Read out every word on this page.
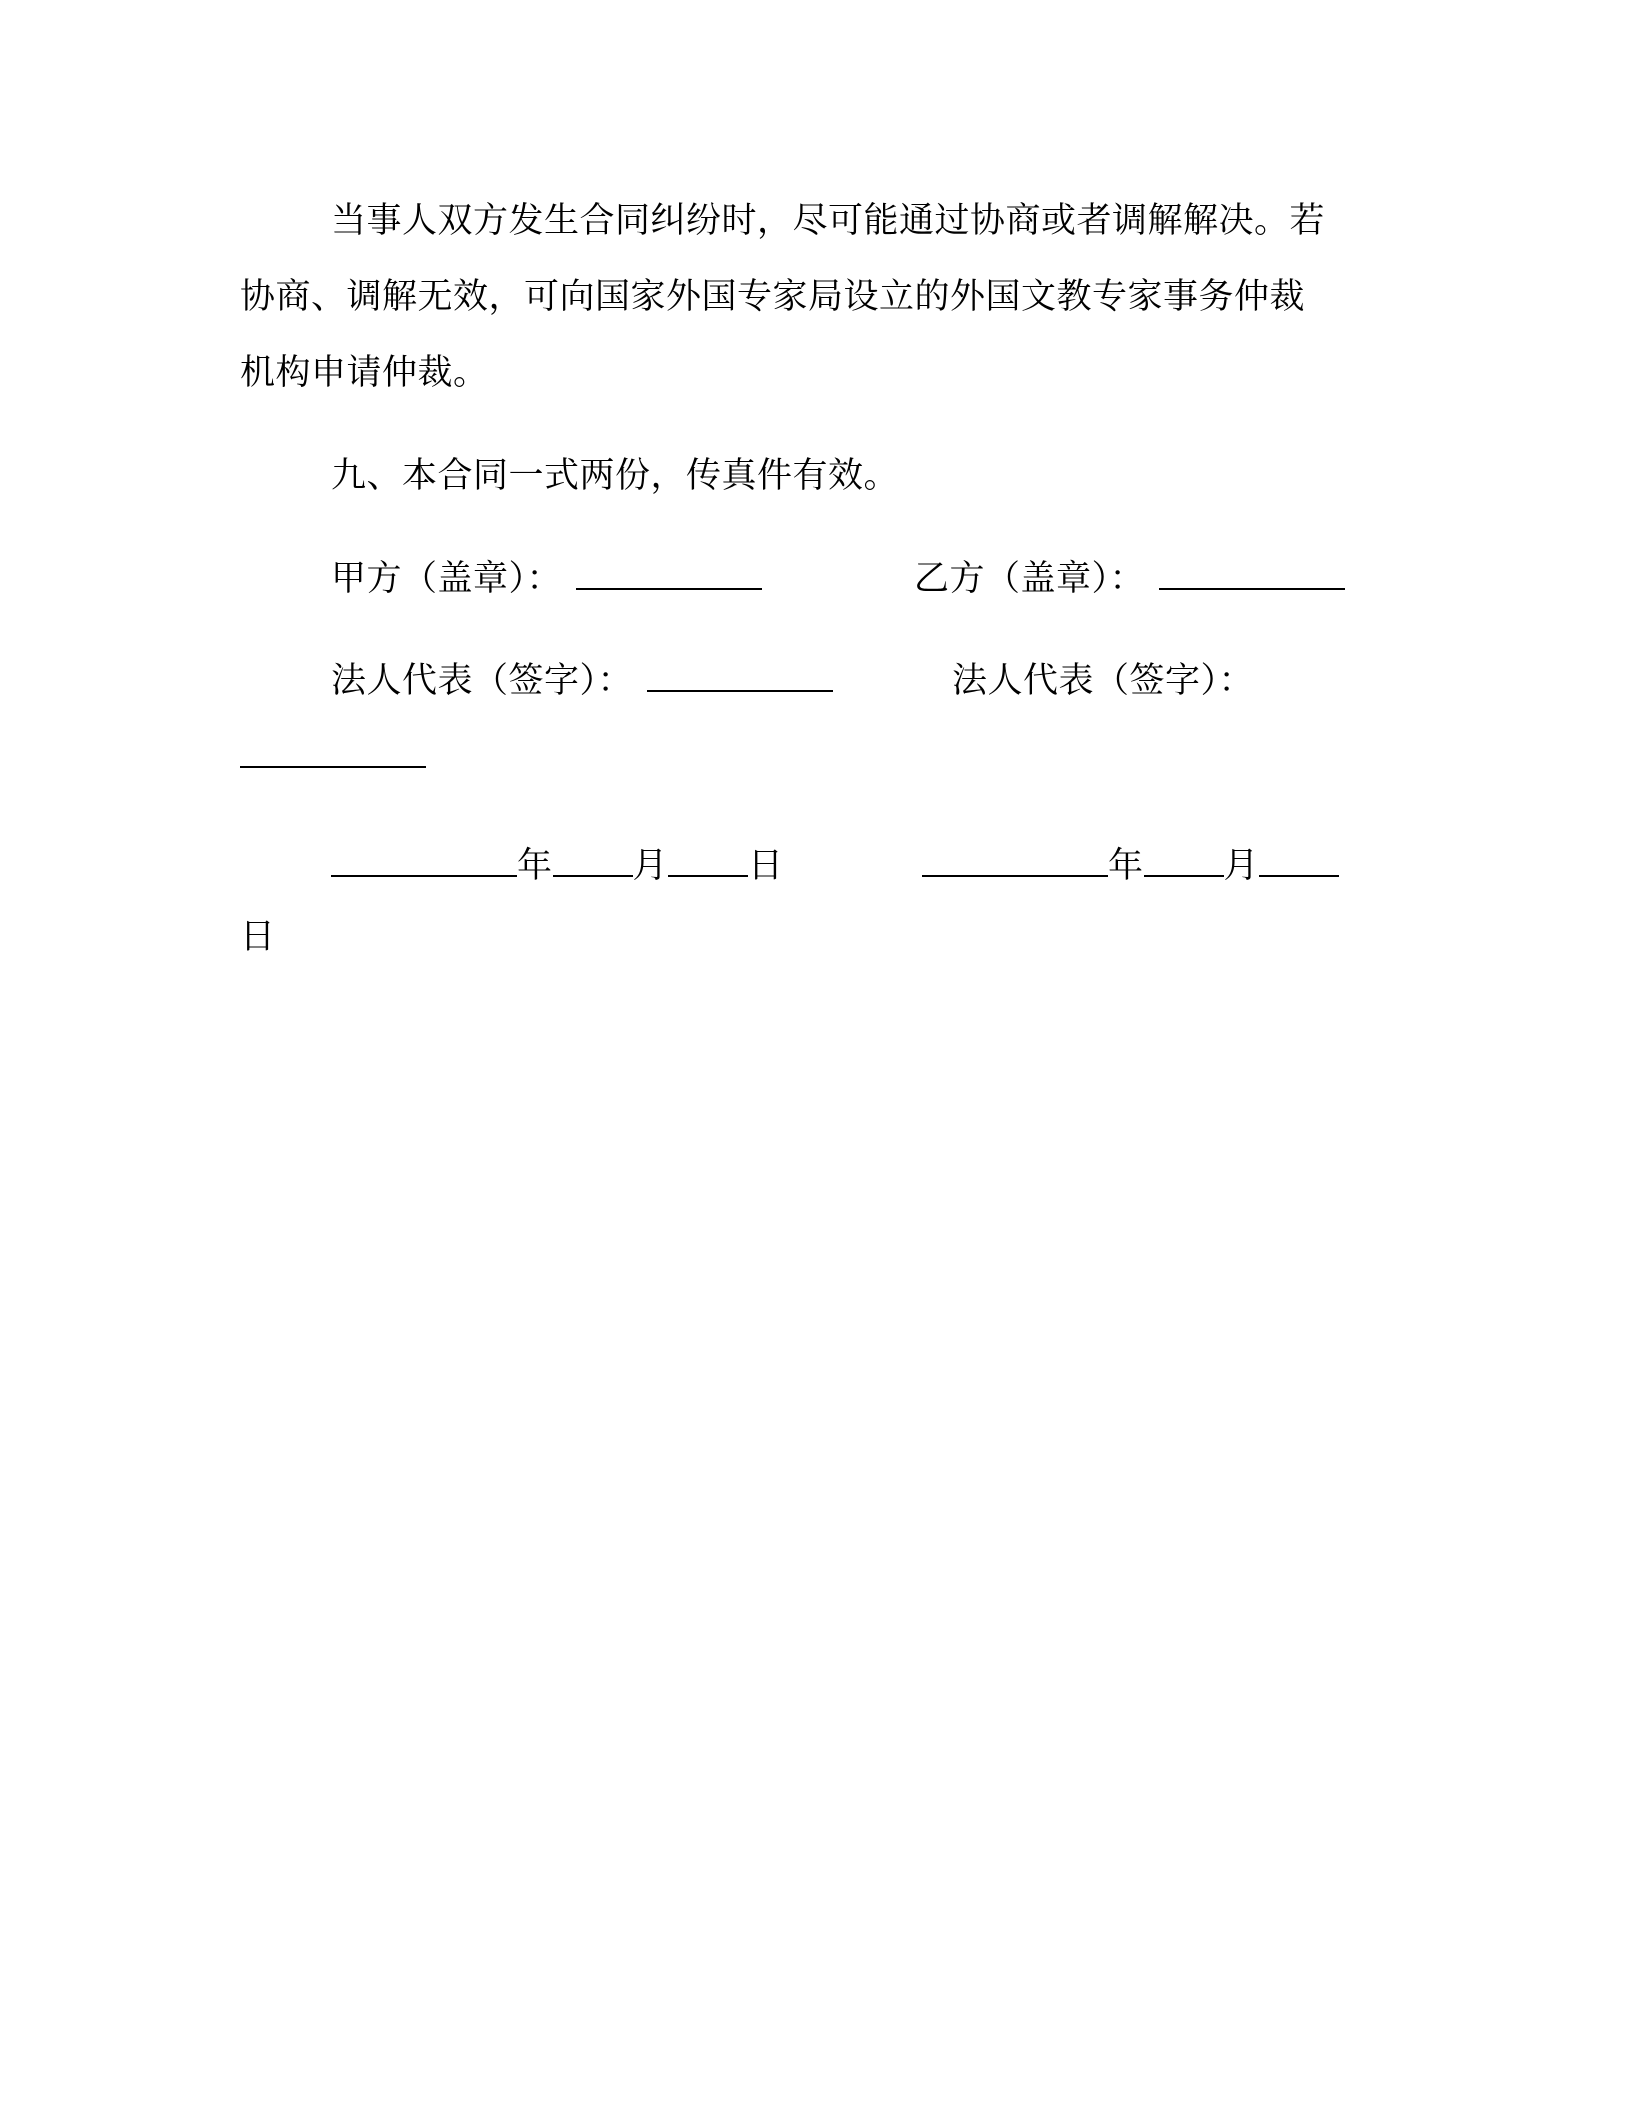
当事人双方发生合同纠纷时，尽可能通过协商或者调解解决。若
协商、调解无效，可向国家外国专家局设立的外国文教专家事务仲裁
机构申请仲裁。
九、本合同一式两份，传真件有效。
甲方（盖章）：	乙方（盖章）：
法人代表（签字）：	法人代表（签字）：
年 月 日	年 月
日
